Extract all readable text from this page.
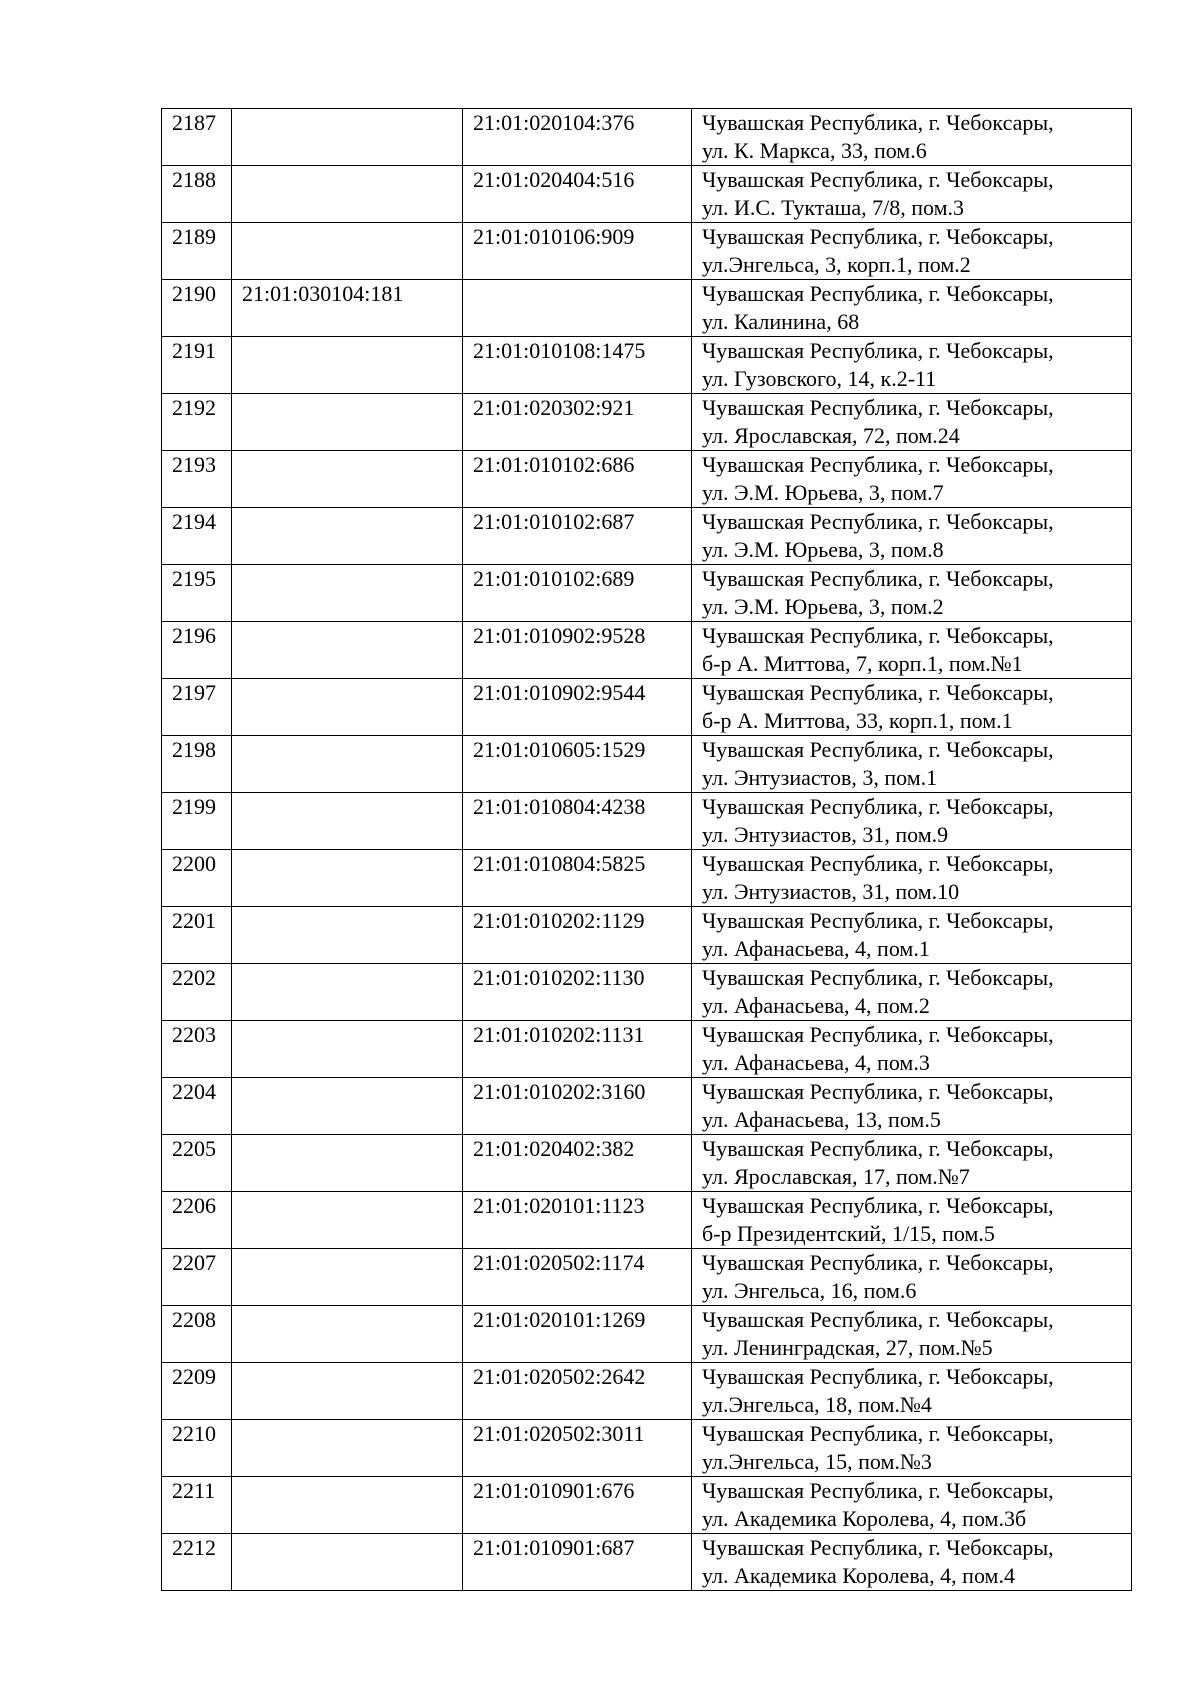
2187		21:01:020104:376	Чувашская Республика, г. Чебоксары,
ул. К. Маркса, 33, пом.6

2188		21:01:020404:516	Чувашская Республика, г. Чебоксары,
ул. И.С. Тукташа, 7/8, пом.3

2189		21:01:010106:909	Чувашская Республика, г. Чебоксары,
ул.Энгельса, 3, корп.1, пом.2

2190	21:01:030104:181		Чувашская Республика, г. Чебоксары,
ул. Калинина, 68

2191		21:01:010108:1475	Чувашская Республика, г. Чебоксары,
ул. Гузовского, 14, к.2-11

2192		21:01:020302:921	Чувашская Республика, г. Чебоксары,
ул. Ярославская, 72, пом.24

2193		21:01:010102:686	Чувашская Республика, г. Чебоксары,
ул. Э.М. Юрьева, 3, пом.7

2194		21:01:010102:687	Чувашская Республика, г. Чебоксары,
ул. Э.М. Юрьева, 3, пом.8

2195		21:01:010102:689	Чувашская Республика, г. Чебоксары,
ул. Э.М. Юрьева, 3, пом.2

2196		21:01:010902:9528	Чувашская Республика, г. Чебоксары,
б-р А. Миттова, 7, корп.1, пом.№1

2197		21:01:010902:9544	Чувашская Республика, г. Чебоксары,
б-р А. Миттова, 33, корп.1, пом.1

2198		21:01:010605:1529	Чувашская Республика, г. Чебоксары,
ул. Энтузиастов, 3, пом.1

2199		21:01:010804:4238	Чувашская Республика, г. Чебоксары,
ул. Энтузиастов, 31, пом.9

2200		21:01:010804:5825	Чувашская Республика, г. Чебоксары,
ул. Энтузиастов, 31, пом.10

2201		21:01:010202:1129	Чувашская Республика, г. Чебоксары,
ул. Афанасьева, 4, пом.1

2202		21:01:010202:1130	Чувашская Республика, г. Чебоксары,
ул. Афанасьева, 4, пом.2

2203		21:01:010202:1131	Чувашская Республика, г. Чебоксары,
ул. Афанасьева, 4, пом.3

2204		21:01:010202:3160	Чувашская Республика, г. Чебоксары,
ул. Афанасьева, 13, пом.5

2205		21:01:020402:382	Чувашская Республика, г. Чебоксары,
ул. Ярославская, 17, пом.№7

2206		21:01:020101:1123	Чувашская Республика, г. Чебоксары,
б-р Президентский, 1/15, пом.5

2207		21:01:020502:1174	Чувашская Республика, г. Чебоксары,
ул. Энгельса, 16, пом.6

2208		21:01:020101:1269	Чувашская Республика, г. Чебоксары,
ул. Ленинградская, 27, пом.№5

2209		21:01:020502:2642	Чувашская Республика, г. Чебоксары,
ул.Энгельса, 18, пом.№4

2210		21:01:020502:3011	Чувашская Республика, г. Чебоксары,
ул.Энгельса, 15, пом.№3

2211		21:01:010901:676	Чувашская Республика, г. Чебоксары,
ул. Академика Королева, 4, пом.3б

2212		21:01:010901:687	Чувашская Республика, г. Чебоксары,
ул. Академика Королева, 4, пом.4
